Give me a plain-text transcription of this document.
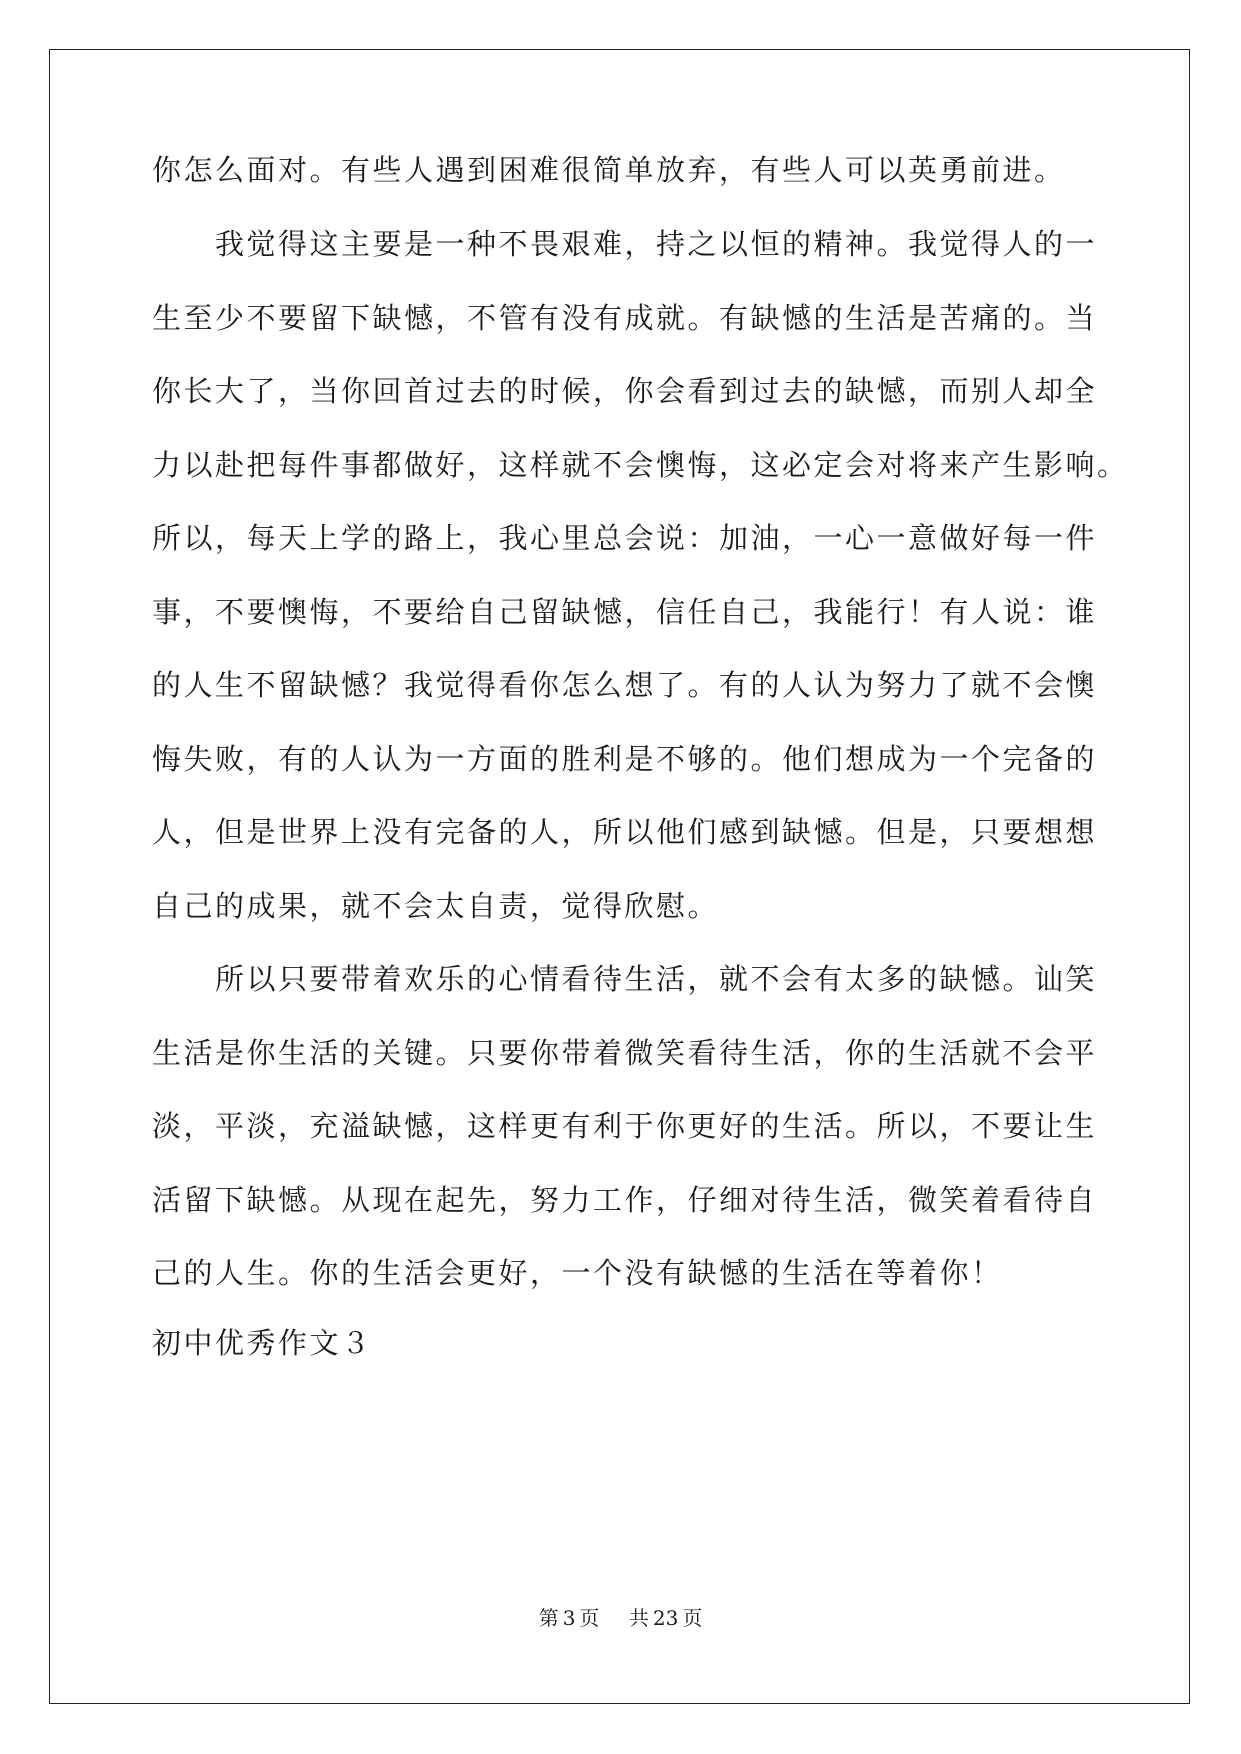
你怎么面对。有些人遇到困难很简单放弃，有些人可以英勇前进。
　　我觉得这主要是一种不畏艰难，持之以恒的精神。我觉得人的一
生至少不要留下缺憾，不管有没有成就。有缺憾的生活是苦痛的。当
你长大了，当你回首过去的时候，你会看到过去的缺憾，而别人却全
力以赴把每件事都做好，这样就不会懊悔，这必定会对将来产生影响。
所以，每天上学的路上，我心里总会说：加油，一心一意做好每一件
事，不要懊悔，不要给自己留缺憾，信任自己，我能行！有人说：谁
的人生不留缺憾？我觉得看你怎么想了。有的人认为努力了就不会懊
悔失败，有的人认为一方面的胜利是不够的。他们想成为一个完备的
人，但是世界上没有完备的人，所以他们感到缺憾。但是，只要想想
自己的成果，就不会太自责，觉得欣慰。
　　所以只要带着欢乐的心情看待生活，就不会有太多的缺憾。讪笑
生活是你生活的关键。只要你带着微笑看待生活，你的生活就不会平
淡，平淡，充溢缺憾，这样更有利于你更好的生活。所以，不要让生
活留下缺憾。从现在起先，努力工作，仔细对待生活，微笑着看待自
己的人生。你的生活会更好，一个没有缺憾的生活在等着你！
初中优秀作文３
第 3 页 共 23 页
